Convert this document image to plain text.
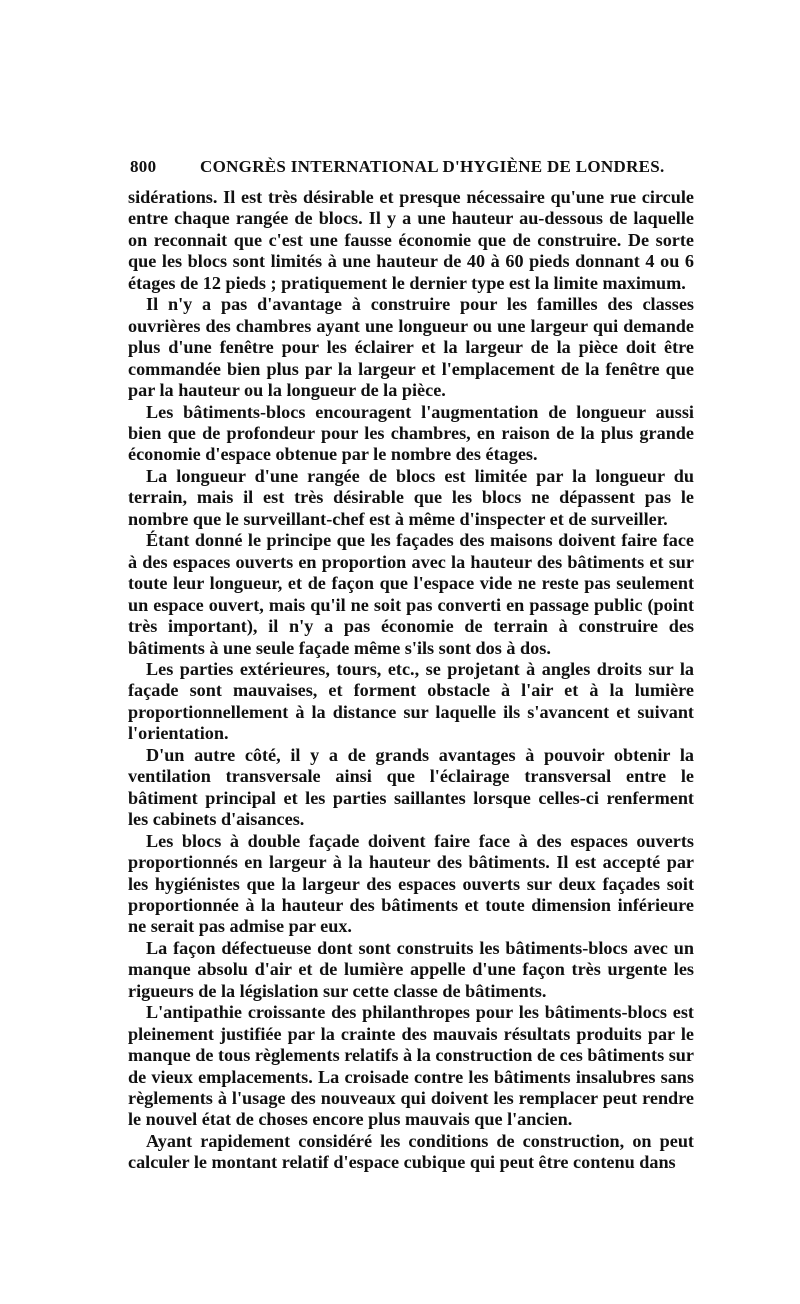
800	CONGRÈS INTERNATIONAL D'HYGIÈNE DE LONDRES.

sidérations. Il est très désirable et presque nécessaire qu'une rue circule entre chaque rangée de blocs. Il y a une hauteur au-dessous de laquelle on reconnait que c'est une fausse économie que de construire. De sorte que les blocs sont limités à une hauteur de 40 à 60 pieds donnant 4 ou 6 étages de 12 pieds ; pratiquement le dernier type est la limite maximum.

Il n'y a pas d'avantage à construire pour les familles des classes ouvrières des chambres ayant une longueur ou une largeur qui demande plus d'une fenêtre pour les éclairer et la largeur de la pièce doit être commandée bien plus par la largeur et l'emplacement de la fenêtre que par la hauteur ou la longueur de la pièce.

Les bâtiments-blocs encouragent l'augmentation de longueur aussi bien que de profondeur pour les chambres, en raison de la plus grande économie d'espace obtenue par le nombre des étages.

La longueur d'une rangée de blocs est limitée par la longueur du terrain, mais il est très désirable que les blocs ne dépassent pas le nombre que le surveillant-chef est à même d'inspecter et de surveiller.

Étant donné le principe que les façades des maisons doivent faire face à des espaces ouverts en proportion avec la hauteur des bâtiments et sur toute leur longueur, et de façon que l'espace vide ne reste pas seulement un espace ouvert, mais qu'il ne soit pas converti en passage public (point très important), il n'y a pas économie de terrain à construire des bâtiments à une seule façade même s'ils sont dos à dos.

Les parties extérieures, tours, etc., se projetant à angles droits sur la façade sont mauvaises, et forment obstacle à l'air et à la lumière proportionnellement à la distance sur laquelle ils s'avancent et suivant l'orientation.

D'un autre côté, il y a de grands avantages à pouvoir obtenir la ventilation transversale ainsi que l'éclairage transversal entre le bâtiment principal et les parties saillantes lorsque celles-ci renferment les cabinets d'aisances.

Les blocs à double façade doivent faire face à des espaces ouverts proportionnés en largeur à la hauteur des bâtiments. Il est accepté par les hygiénistes que la largeur des espaces ouverts sur deux façades soit proportionnée à la hauteur des bâtiments et toute dimension inférieure ne serait pas admise par eux.

La façon défectueuse dont sont construits les bâtiments-blocs avec un manque absolu d'air et de lumière appelle d'une façon très urgente les rigueurs de la législation sur cette classe de bâtiments.

L'antipathie croissante des philanthropes pour les bâtiments-blocs est pleinement justifiée par la crainte des mauvais résultats produits par le manque de tous règlements relatifs à la construction de ces bâtiments sur de vieux emplacements. La croisade contre les bâtiments insalubres sans règlements à l'usage des nouveaux qui doivent les remplacer peut rendre le nouvel état de choses encore plus mauvais que l'ancien.

Ayant rapidement considéré les conditions de construction, on peut calculer le montant relatif d'espace cubique qui peut être contenu dans
